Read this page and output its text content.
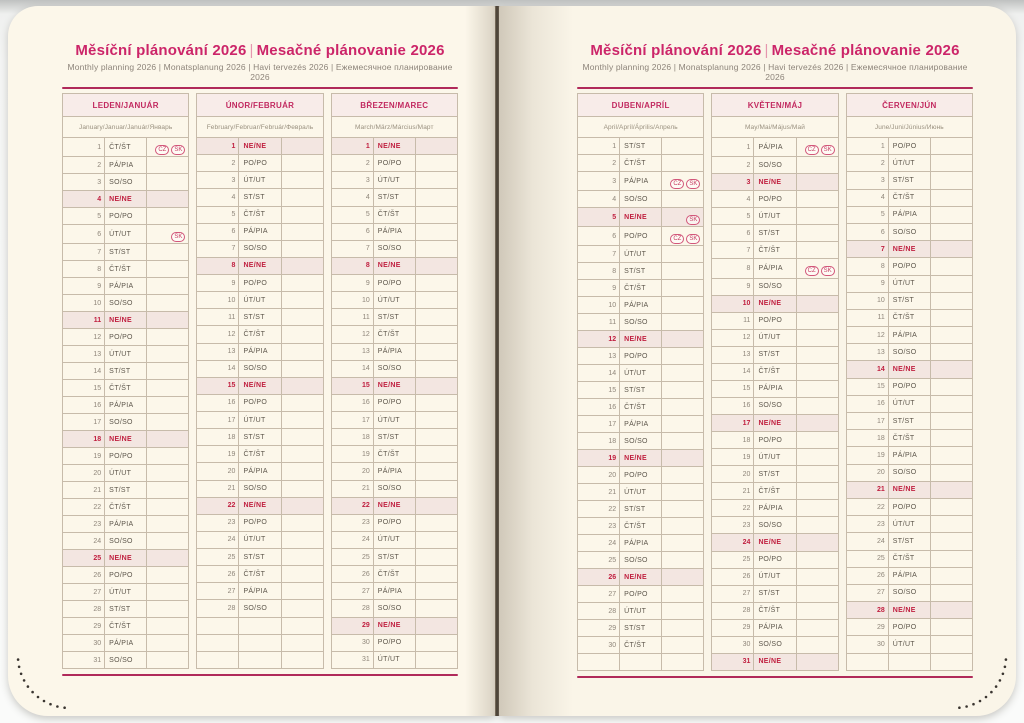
Měsíční plánování 2026 | Mesačné plánovanie 2026
Monthly planning 2026 | Monatsplanung 2026 | Havi tervezés 2026 | Ежемесячное планирование 2026
LEDEN/JANUÁR		
January/Januar/Január/Январь		
1	ČT/ŠT	CZ SK
2	PÁ/PIA	
3	SO/SO	
4	NE/NE	
5	PO/PO	
6	ÚT/UT	SK
7	ST/ST	
8	ČT/ŠT	
9	PÁ/PIA	
10	SO/SO	
11	NE/NE	
12	PO/PO	
13	ÚT/UT	
14	ST/ST	
15	ČT/ŠT	
16	PÁ/PIA	
17	SO/SO	
18	NE/NE	
19	PO/PO	
20	ÚT/UT	
21	ST/ST	
22	ČT/ŠT	
23	PÁ/PIA	
24	SO/SO	
25	NE/NE	
26	PO/PO	
27	ÚT/UT	
28	ST/ST	
29	ČT/ŠT	
30	PÁ/PIA	
31	SO/SO	
ÚNOR/FEBRUÁR		
February/Februar/Február/Февраль		
1	NE/NE	
2	PO/PO	
3	ÚT/UT	
4	ST/ST	
5	ČT/ŠT	
6	PÁ/PIA	
7	SO/SO	
8	NE/NE	
9	PO/PO	
10	ÚT/UT	
11	ST/ST	
12	ČT/ŠT	
13	PÁ/PIA	
14	SO/SO	
15	NE/NE	
16	PO/PO	
17	ÚT/UT	
18	ST/ST	
19	ČT/ŠT	
20	PÁ/PIA	
21	SO/SO	
22	NE/NE	
23	PO/PO	
24	ÚT/UT	
25	ST/ST	
26	ČT/ŠT	
27	PÁ/PIA	
28	SO/SO	

BŘEZEN/MAREC		
March/März/Március/Март		
1	NE/NE	
2	PO/PO	
3	ÚT/UT	
4	ST/ST	
5	ČT/ŠT	
6	PÁ/PIA	
7	SO/SO	
8	NE/NE	
9	PO/PO	
10	ÚT/UT	
11	ST/ST	
12	ČT/ŠT	
13	PÁ/PIA	
14	SO/SO	
15	NE/NE	
16	PO/PO	
17	ÚT/UT	
18	ST/ST	
19	ČT/ŠT	
20	PÁ/PIA	
21	SO/SO	
22	NE/NE	
23	PO/PO	
24	ÚT/UT	
25	ST/ST	
26	ČT/ŠT	
27	PÁ/PIA	
28	SO/SO	
29	NE/NE	
30	PO/PO	
31	ÚT/UT	
Měsíční plánování 2026 | Mesačné plánovanie 2026
Monthly planning 2026 | Monatsplanung 2026 | Havi tervezés 2026 | Ежемесячное планирование 2026
DUBEN/APRÍL		
April/Apríl/Április/Апрель		
1	ST/ST	
2	ČT/ŠT	
3	PÁ/PIA	CZ SK
4	SO/SO	
5	NE/NE	SK
6	PO/PO	CZ SK
7	ÚT/UT	
8	ST/ST	
9	ČT/ŠT	
10	PÁ/PIA	
11	SO/SO	
12	NE/NE	
13	PO/PO	
14	ÚT/UT	
15	ST/ST	
16	ČT/ŠT	
17	PÁ/PIA	
18	SO/SO	
19	NE/NE	
20	PO/PO	
21	ÚT/UT	
22	ST/ST	
23	ČT/ŠT	
24	PÁ/PIA	
25	SO/SO	
26	NE/NE	
27	PO/PO	
28	ÚT/UT	
29	ST/ST	
30	ČT/ŠT	

KVĚTEN/MÁJ		
May/Mai/Május/Май		
1	PÁ/PIA	CZ SK
2	SO/SO	
3	NE/NE	
4	PO/PO	
5	ÚT/UT	
6	ST/ST	
7	ČT/ŠT	
8	PÁ/PIA	CZ SK
9	SO/SO	
10	NE/NE	
11	PO/PO	
12	ÚT/UT	
13	ST/ST	
14	ČT/ŠT	
15	PÁ/PIA	
16	SO/SO	
17	NE/NE	
18	PO/PO	
19	ÚT/UT	
20	ST/ST	
21	ČT/ŠT	
22	PÁ/PIA	
23	SO/SO	
24	NE/NE	
25	PO/PO	
26	ÚT/UT	
27	ST/ST	
28	ČT/ŠT	
29	PÁ/PIA	
30	SO/SO	
31	NE/NE	
ČERVEN/JÚN		
June/Juni/Június/Июнь		
1	PO/PO	
2	ÚT/UT	
3	ST/ST	
4	ČT/ŠT	
5	PÁ/PIA	
6	SO/SO	
7	NE/NE	
8	PO/PO	
9	ÚT/UT	
10	ST/ST	
11	ČT/ŠT	
12	PÁ/PIA	
13	SO/SO	
14	NE/NE	
15	PO/PO	
16	ÚT/UT	
17	ST/ST	
18	ČT/ŠT	
19	PÁ/PIA	
20	SO/SO	
21	NE/NE	
22	PO/PO	
23	ÚT/UT	
24	ST/ST	
25	ČT/ŠT	
26	PÁ/PIA	
27	SO/SO	
28	NE/NE	
29	PO/PO	
30	ÚT/UT	
